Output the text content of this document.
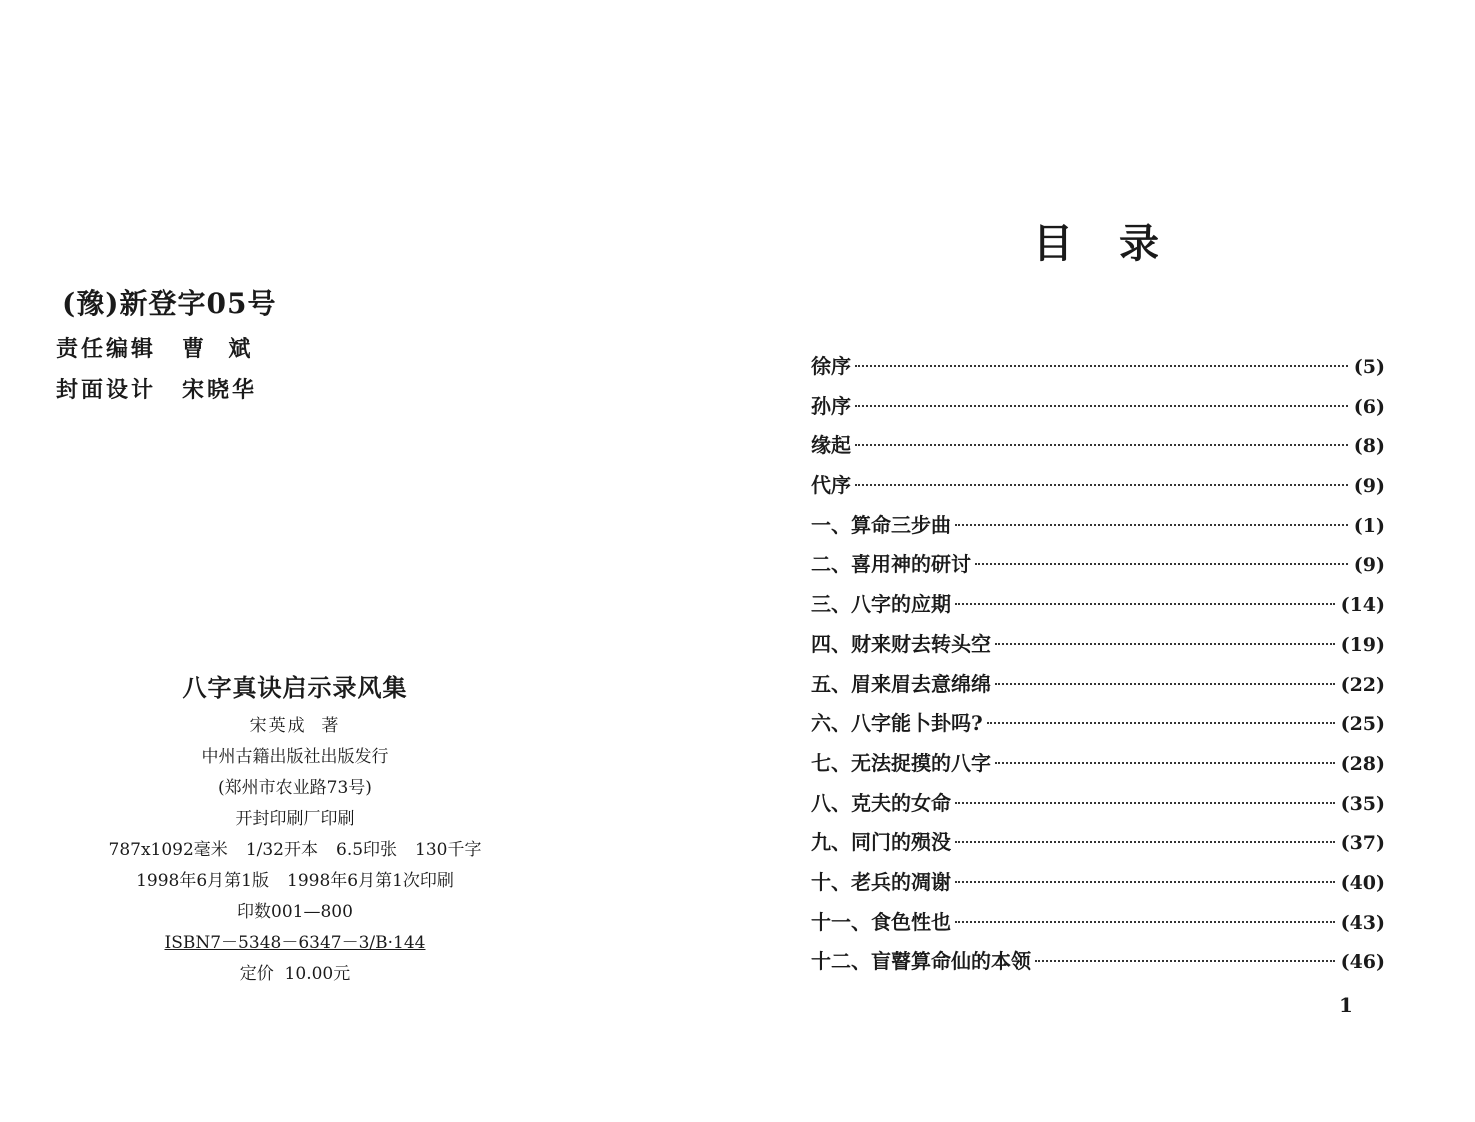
(豫)新登字05号
责任编辑 曹  斌
封面设计 宋晓华
八字真诀启示录风集
宋英成  著
中州古籍出版社出版发行
(郑州市农业路73号)
开封印刷厂印刷
787x1092毫米 1/32开本 6.5印张 130千字
1998年6月第1版 1998年6月第1次印刷
印数001—800
ISBN7－5348－6347－3/B·144
定价  10.00元
目录
徐序	(5)
孙序	(6)
缘起	(8)
代序	(9)
一、算命三步曲	(1)
二、喜用神的研讨	(9)
三、八字的应期	(14)
四、财来财去转头空	(19)
五、眉来眉去意绵绵	(22)
六、八字能卜卦吗?	(25)
七、无法捉摸的八字	(28)
八、克夫的女命	(35)
九、同门的殒没	(37)
十、老兵的凋谢	(40)
十一、食色性也	(43)
十二、盲瞽算命仙的本领	(46)
1
